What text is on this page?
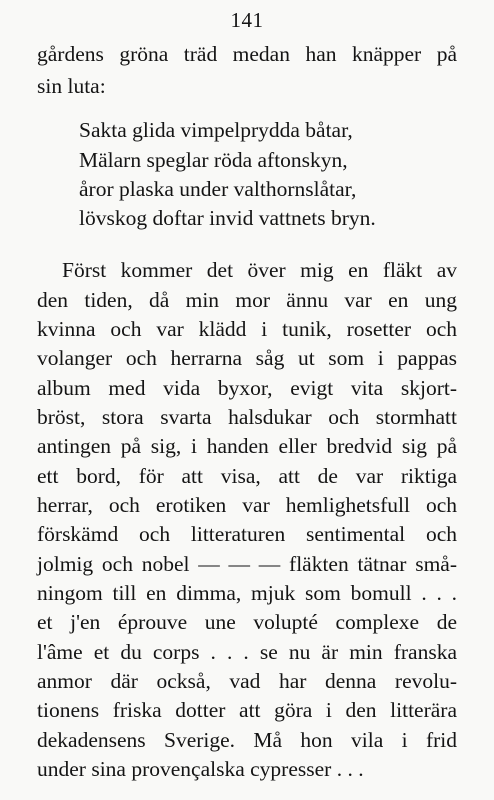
141
gårdens gröna träd medan han knäpper på
sin luta:
Sakta glida vimpelprydda båtar,
Mälarn speglar röda aftonskyn,
åror plaska under valthornslåtar,
lövskog doftar invid vattnets bryn.
Först kommer det över mig en fläkt av
den tiden, då min mor ännu var en ung
kvinna och var klädd i tunik, rosetter och
volanger och herrarna såg ut som i pappas
album med vida byxor, evigt vita skjort-
bröst, stora svarta halsdukar och stormhatt
antingen på sig, i handen eller bredvid sig på
ett bord, för att visa, att de var riktiga
herrar, och erotiken var hemlighetsfull och
förskämd och litteraturen sentimental och
jolmig och nobel — — — fläkten tätnar små-
ningom till en dimma, mjuk som bomull . . .
et j'en éprouve une volupté complexe de
l'âme et du corps . . . se nu är min franska
anmor där också, vad har denna revolu-
tionens friska dotter att göra i den litterära
dekadensens Sverige. Må hon vila i frid
under sina provençalska cypresser . . .
